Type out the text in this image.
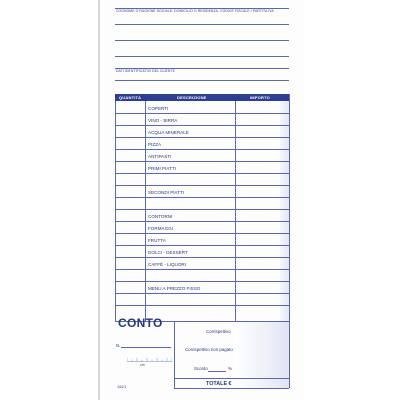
COGNOME O RAGIONE SOCIALE, DOMICILIO O RESIDENZA, CODICE FISCALE / PARTITA IVA
DATI IDENTIFICATIVI DEL CLIENTE
QUANTITÀ	DESCRIZIONE	IMPORTO
COPERTI
VINO - BIRRA
ACQUA MINERALE
PIZZA
ANTIPASTI
PRIMI PIATTI
SECONDI PIATTI
CONTORNI
FORMAGGI
FRUTTA
DOLCI - DESSERT
CAFFÈ - LIQUORI
MENÙ A PREZZO FISSO
CONTO
N.
cm
Corrispettivo
Corrispettivo non pagato
Sconto	%
TOTALE €
1621
